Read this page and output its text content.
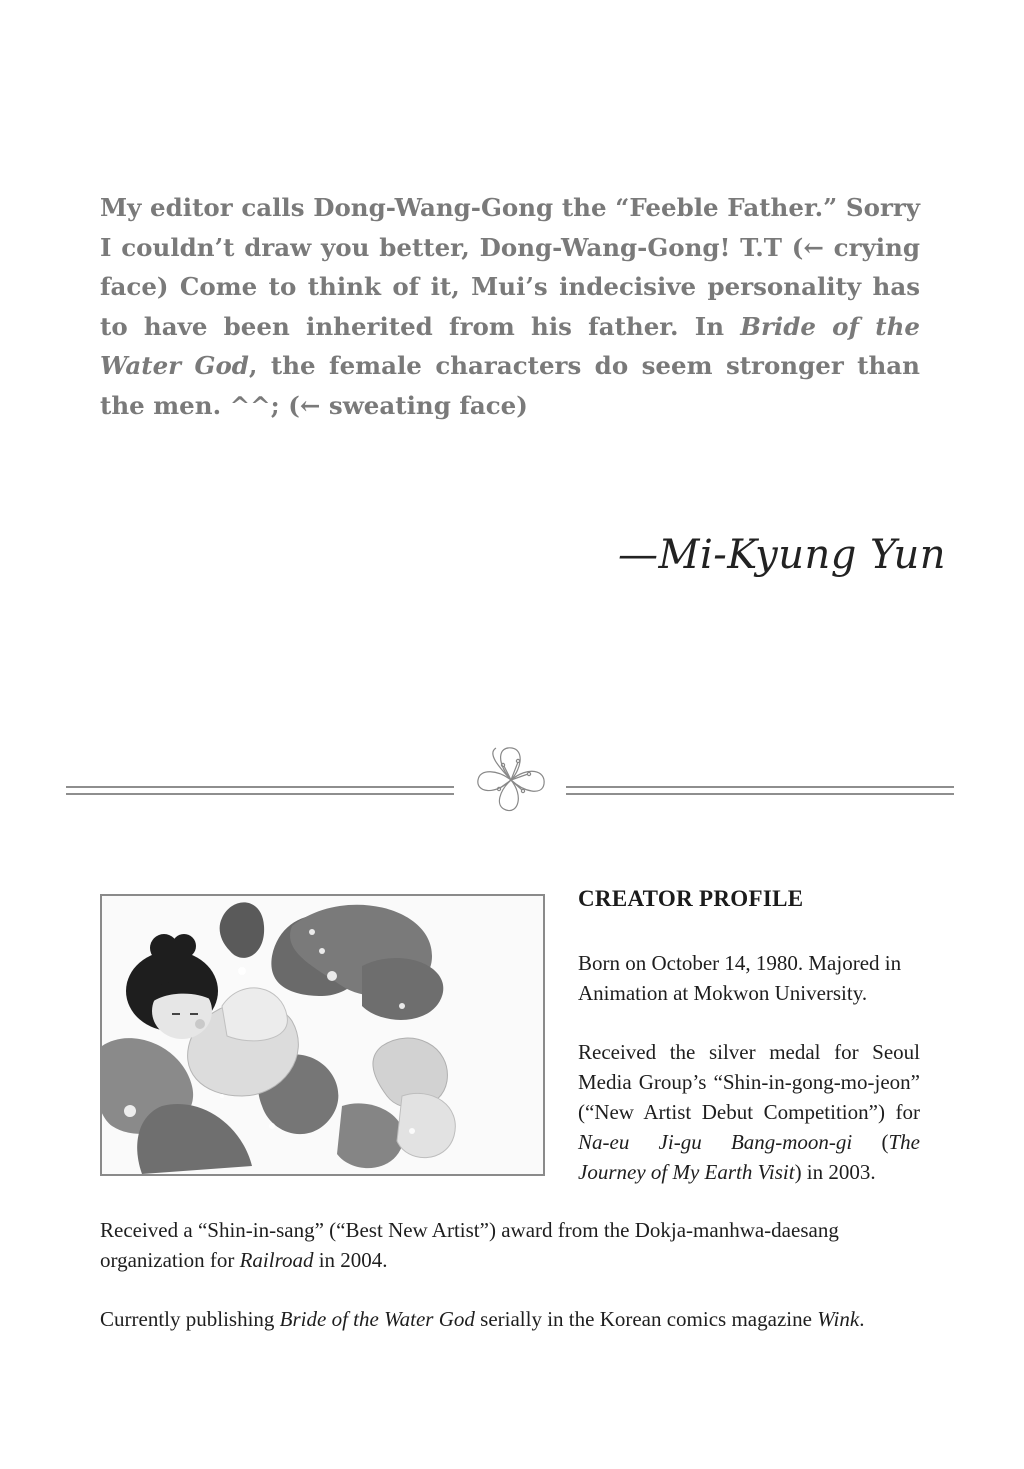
My editor calls Dong-Wang-Gong the “Feeble Father.” Sorry I couldn’t draw you better, Dong-Wang-Gong! T.T (← crying face) Come to think of it, Mui’s indecisive personality has to have been inherited from his father. In Bride of the Water God, the female characters do seem stronger than the men. ^^; (← sweating face)

—Mi-Kyung Yun
CREATOR PROFILE

Born on October 14, 1980. Majored in Animation at Mokwon University.

Received the silver medal for Seoul Media Group’s “Shin-in-gong-mo-jeon” (“New Artist Debut Competition”) for Na-eu Ji-gu Bang-moon-gi (The Journey of My Earth Visit) in 2003.

Received a “Shin-in-sang” (“Best New Artist”) award from the Dokja-manhwa-daesang organization for Railroad in 2004.

Currently publishing Bride of the Water God serially in the Korean comics magazine Wink.
